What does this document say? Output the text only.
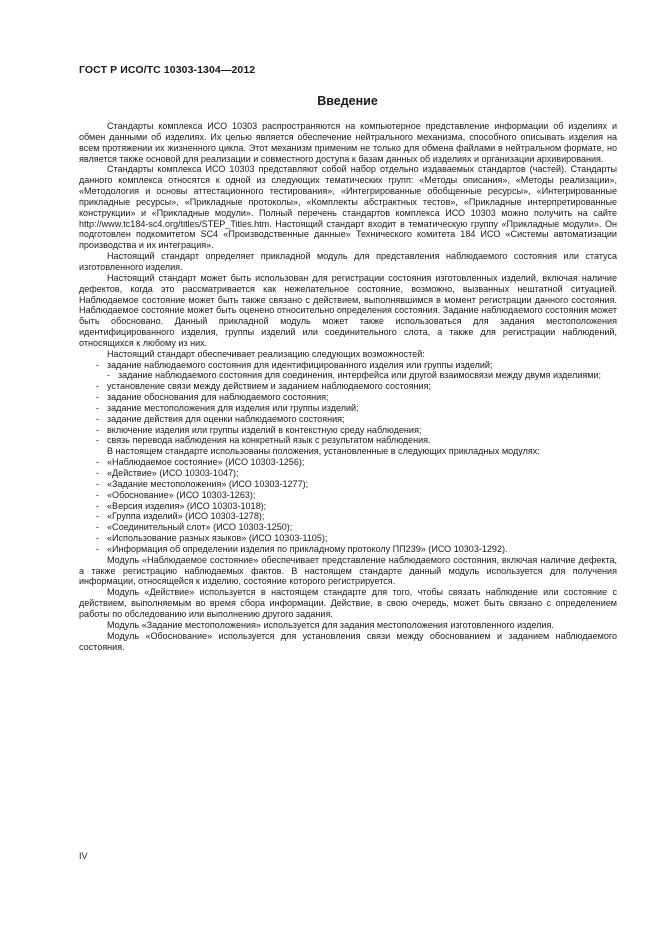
ГОСТ Р ИСО/ТС 10303-1304—2012
Введение

Стандарты комплекса ИСО 10303 распространяются на компьютерное представление информации об изделиях и обмен данными об изделиях. Их целью является обеспечение нейтрального механизма, способного описывать изделия на всем протяжении их жизненного цикла. Этот механизм применим не только для обмена файлами в нейтральном формате, но является также основой для реализации и совместного доступа к базам данных об изделиях и организации архивирования.

Стандарты комплекса ИСО 10303 представляют собой набор отдельно издаваемых стандартов (частей). Стандарты данного комплекса относятся к одной из следующих тематических групп: «Методы описания», «Методы реализации», «Методология и основы аттестационного тестирования», «Интегрированные обобщенные ресурсы», «Интегрированные прикладные ресурсы», «Прикладные протоколы», «Комплекты абстрактных тестов», «Прикладные интерпретированные конструкции» и «Прикладные модули». Полный перечень стандартов комплекса ИСО 10303 можно получить на сайте http://www.tc184-sc4.org/titles/STEP_Titles.htm. Настоящий стандарт входит в тематическую группу «Прикладные модули». Он подготовлен подкомитетом SC4 «Производственные данные» Технического комитета 184 ИСО «Системы автоматизации производства и их интеграция».

Настоящий стандарт определяет прикладной модуль для представления наблюдаемого состояния или статуса изготовленного изделия.

Настоящий стандарт может быть использован для регистрации состояния изготовленных изделий, включая наличие дефектов, когда это рассматривается как нежелательное состояние, возможно, вызванных нештатной ситуацией. Наблюдаемое состояние может быть также связано с действием, выполнявшимся в момент регистрации данного состояния. Наблюдаемое состояние может быть оценено относительно определения состояния. Задание наблюдаемого состояния может быть обосновано. Данный прикладной модуль может также использоваться для задания местоположения идентифицированного изделия, группы изделий или соединительного слота, а также для регистрации наблюдений, относящихся к любому из них.

Настоящий стандарт обеспечивает реализацию следующих возможностей:

- задание наблюдаемого состояния для идентифицированного изделия или группы изделий;
- задание наблюдаемого состояния для соединения, интерфейса или другой взаимосвязи между двумя изделиями;
- установление связи между действием и заданием наблюдаемого состояния;
- задание обоснования для наблюдаемого состояния;
- задание местоположения для изделия или группы изделий;
- задание действия для оценки наблюдаемого состояния;
- включение изделия или группы изделий в контекстную среду наблюдения;
- связь перевода наблюдения на конкретный язык с результатом наблюдения.

В настоящем стандарте использованы положения, установленные в следующих прикладных модулях:

- «Наблюдаемое состояние» (ИСО 10303-1256);
- «Действие» (ИСО 10303-1047);
- «Задание местоположения» (ИСО 10303-1277);
- «Обоснование» (ИСО 10303-1263);
- «Версия изделия» (ИСО 10303-1018);
- «Группа изделий» (ИСО 10303-1278);
- «Соединительный слот» (ИСО 10303-1250);
- «Использование разных языков» (ИСО 10303-1105);
- «Информация об определении изделия по прикладному протоколу ПП239» (ИСО 10303-1292).

Модуль «Наблюдаемое состояние» обеспечивает представление наблюдаемого состояния, включая наличие дефекта, а также регистрацию наблюдаемых фактов. В настоящем стандарте данный модуль используется для получения информации, относящейся к изделию, состояние которого регистрируется.

Модуль «Действие» используется в настоящем стандарте для того, чтобы связать наблюдение или состояние с действием, выполняемым во время сбора информации. Действие, в свою очередь, может быть связано с определением работы по обследованию или выполнению другого задания.

Модуль «Задание местоположения» используется для задания местоположения изготовленного изделия.

Модуль «Обоснование» используется для установления связи между обоснованием и заданием наблюдаемого состояния.

IV
